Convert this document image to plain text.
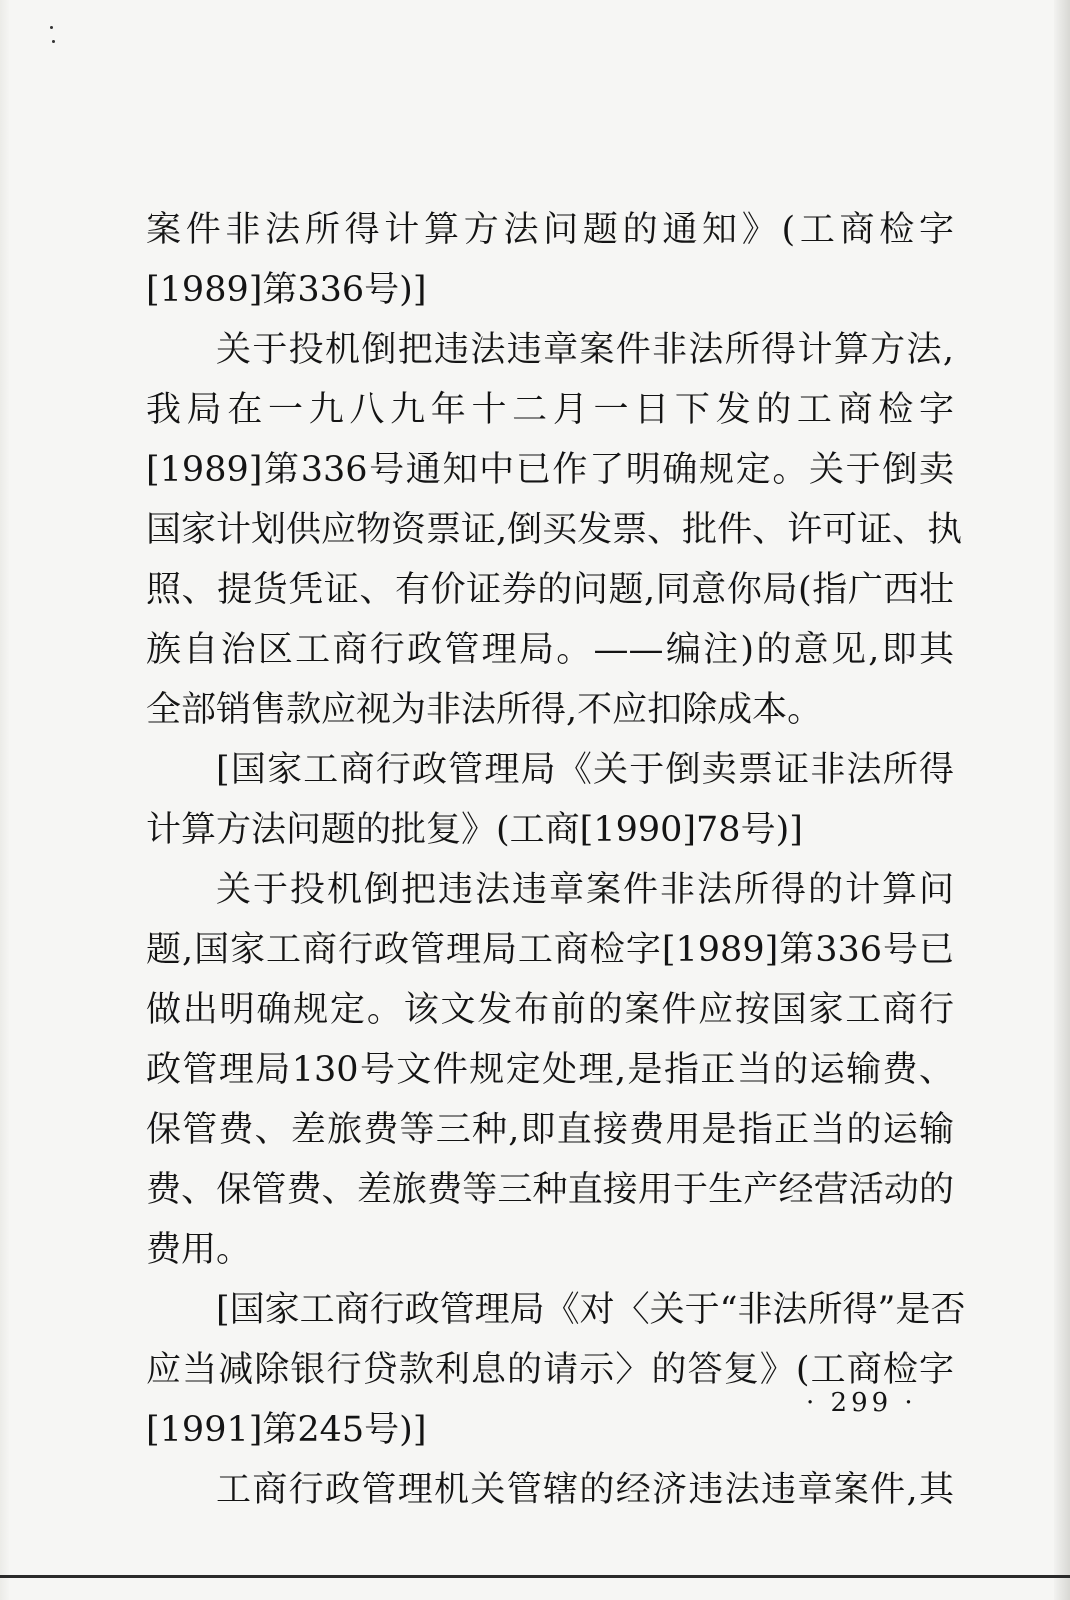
案件非法所得计算方法问题的通知》(工商检字
[1989]第336号)]
关于投机倒把违法违章案件非法所得计算方法,
我局在一九八九年十二月一日下发的工商检字
[1989]第336号通知中已作了明确规定。关于倒卖
国家计划供应物资票证,倒买发票、批件、许可证、执
照、提货凭证、有价证券的问题,同意你局(指广西壮
族自治区工商行政管理局。——编注)的意见,即其
全部销售款应视为非法所得,不应扣除成本。
[国家工商行政管理局《关于倒卖票证非法所得
计算方法问题的批复》(工商[1990]78号)]
关于投机倒把违法违章案件非法所得的计算问
题,国家工商行政管理局工商检字[1989]第336号已
做出明确规定。该文发布前的案件应按国家工商行
政管理局130号文件规定处理,是指正当的运输费、
保管费、差旅费等三种,即直接费用是指正当的运输
费、保管费、差旅费等三种直接用于生产经营活动的
费用。
[国家工商行政管理局《对〈关于“非法所得”是否
应当减除银行贷款利息的请示〉的答复》(工商检字
[1991]第245号)]
工商行政管理机关管辖的经济违法违章案件,其
· 299 ·
